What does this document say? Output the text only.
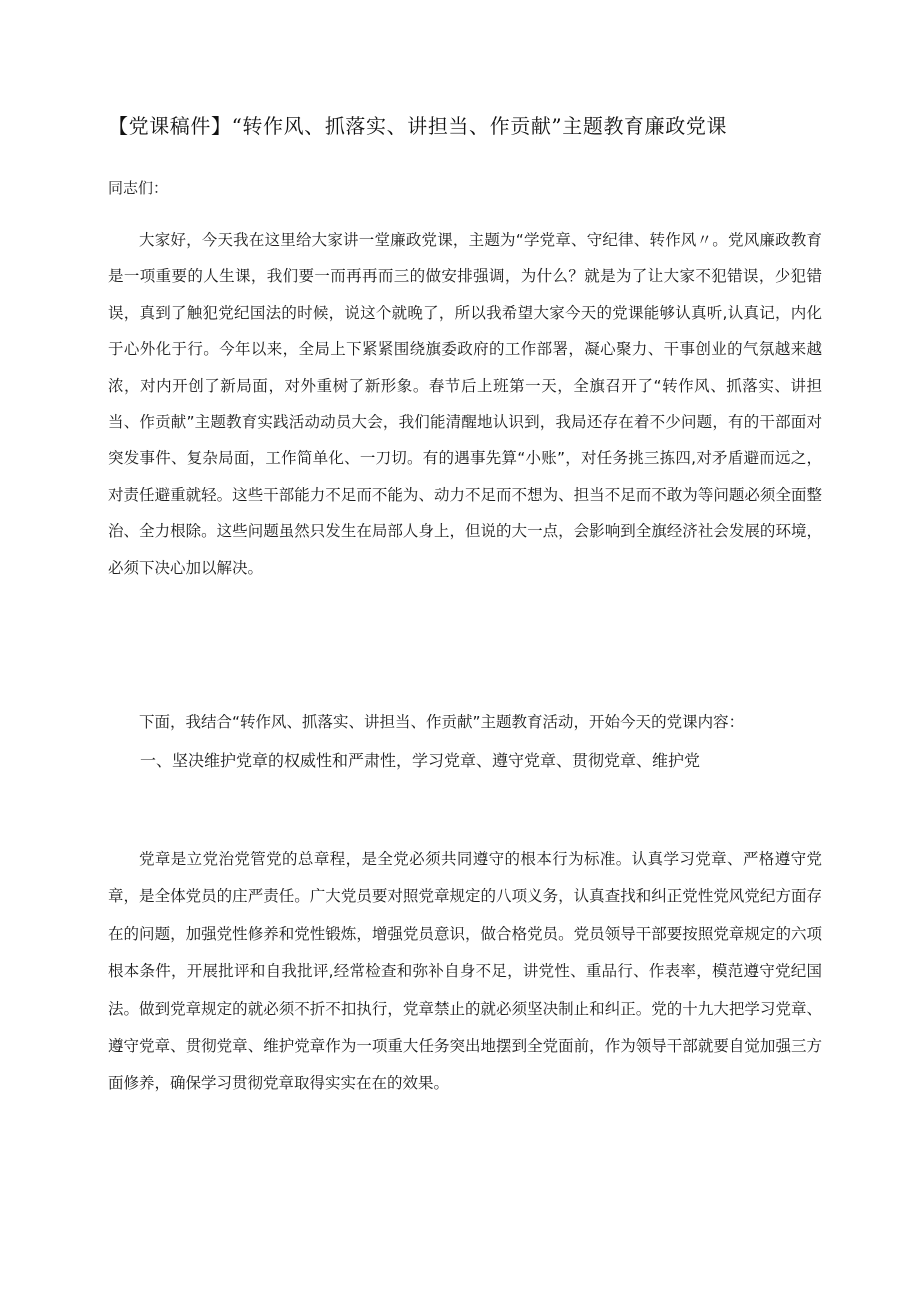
【党课稿件】“转作风、抓落实、讲担当、作贡献”主题教育廉政党课

同志们：

大家好，今天我在这里给大家讲一堂廉政党课，主题为“学党章、守纪律、转作风〃。党风廉政教育是一项重要的人生课，我们要一而再再而三的做安排强调，为什么？就是为了让大家不犯错误，少犯错误，真到了触犯党纪国法的时候，说这个就晚了，所以我希望大家今天的党课能够认真听,认真记，内化于心外化于行。今年以来，全局上下紧紧围绕旗委政府的工作部署，凝心聚力、干事创业的气氛越来越浓，对内开创了新局面，对外重树了新形象。春节后上班第一天，全旗召开了“转作风、抓落实、讲担当、作贡献”主题教育实践活动动员大会，我们能清醒地认识到，我局还存在着不少问题，有的干部面对突发事件、复杂局面，工作简单化、一刀切。有的遇事先算“小账”，对任务挑三拣四,对矛盾避而远之，对责任避重就轻。这些干部能力不足而不能为、动力不足而不想为、担当不足而不敢为等问题必须全面整治、全力根除。这些问题虽然只发生在局部人身上，但说的大一点，会影响到全旗经济社会发展的环境，必须下决心加以解决。

下面，我结合“转作风、抓落实、讲担当、作贡献”主题教育活动，开始今天的党课内容：

一、坚决维护党章的权威性和严肃性，学习党章、遵守党章、贯彻党章、维护党

党章是立党治党管党的总章程，是全党必须共同遵守的根本行为标准。认真学习党章、严格遵守党章，是全体党员的庄严责任。广大党员要对照党章规定的八项义务，认真查找和纠正党性党风党纪方面存在的问题，加强党性修养和党性锻炼，增强党员意识，做合格党员。党员领导干部要按照党章规定的六项根本条件，开展批评和自我批评,经常检查和弥补自身不足，讲党性、重品行、作表率，模范遵守党纪国法。做到党章规定的就必须不折不扣执行，党章禁止的就必须坚决制止和纠正。党的十九大把学习党章、遵守党章、贯彻党章、维护党章作为一项重大任务突出地摆到全党面前，作为领导干部就要自觉加强三方面修养，确保学习贯彻党章取得实实在在的效果。
